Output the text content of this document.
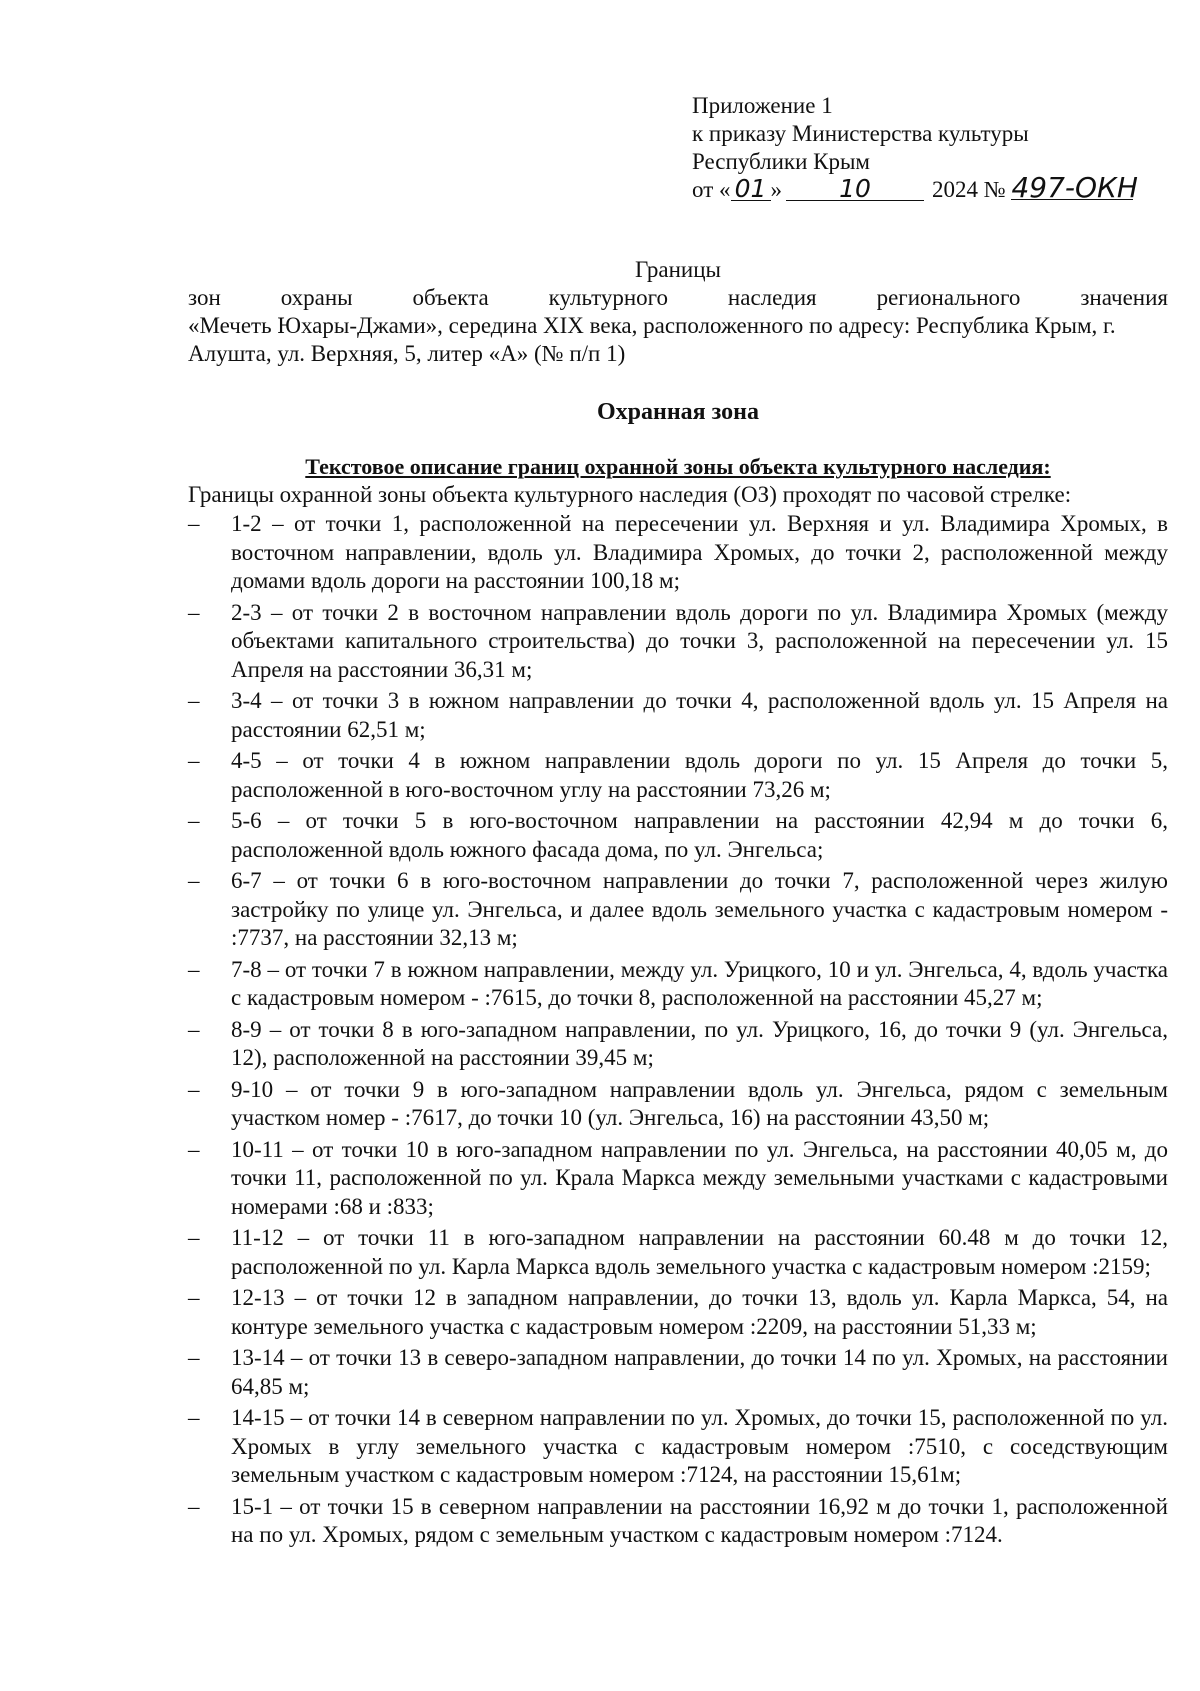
Приложение 1
к приказу Министерства культуры
Республики Крым
от « 01 » 10	2024 № 497-ОКН
Границы
зон охраны объекта культурного наследия регионального значения
«Мечеть Юхары-Джами», середина XIX века, расположенного по адресу: Республика Крым, г. Алушта, ул. Верхняя, 5, литер «А» (№ п/п 1)
Охранная зона
Текстовое описание границ охранной зоны объекта культурного наследия:
Границы охранной зоны объекта культурного наследия (ОЗ) проходят по часовой стрелке:
– 1-2 – от точки 1, расположенной на пересечении ул. Верхняя и ул. Владимира Хромых, в восточном направлении, вдоль ул. Владимира Хромых, до точки 2, расположенной между домами вдоль дороги на расстоянии 100,18 м;
– 2-3 – от точки 2 в восточном направлении вдоль дороги по ул. Владимира Хромых (между объектами капитального строительства) до точки 3, расположенной на пересечении ул. 15 Апреля на расстоянии 36,31 м;
– 3-4 – от точки 3 в южном направлении до точки 4, расположенной вдоль ул. 15 Апреля на расстоянии 62,51 м;
– 4-5 – от точки 4 в южном направлении вдоль дороги по ул. 15 Апреля до точки 5, расположенной в юго-восточном углу на расстоянии 73,26 м;
– 5-6 – от точки 5 в юго-восточном направлении на расстоянии 42,94 м до точки 6, расположенной вдоль южного фасада дома, по ул. Энгельса;
– 6-7 – от точки 6 в юго-восточном направлении до точки 7, расположенной через жилую застройку по улице ул. Энгельса, и далее вдоль земельного участка с кадастровым номером - :7737, на расстоянии 32,13 м;
– 7-8 – от точки 7 в южном направлении, между ул. Урицкого, 10 и ул. Энгельса, 4, вдоль участка с кадастровым номером - :7615, до точки 8, расположенной на расстоянии 45,27 м;
– 8-9 – от точки 8 в юго-западном направлении, по ул. Урицкого, 16, до точки 9 (ул. Энгельса, 12), расположенной на расстоянии 39,45 м;
– 9-10 – от точки 9 в юго-западном направлении вдоль ул. Энгельса, рядом с земельным участком номер - :7617, до точки 10 (ул. Энгельса, 16) на расстоянии 43,50 м;
– 10-11 – от точки 10 в юго-западном направлении по ул. Энгельса, на расстоянии 40,05 м, до точки 11, расположенной по ул. Крала Маркса между земельными участками с кадастровыми номерами :68 и :833;
– 11-12 – от точки 11 в юго-западном направлении на расстоянии 60.48 м до точки 12, расположенной по ул. Карла Маркса вдоль земельного участка с кадастровым номером :2159;
– 12-13 – от точки 12 в западном направлении, до точки 13, вдоль ул. Карла Маркса, 54, на контуре земельного участка с кадастровым номером :2209, на расстоянии 51,33 м;
– 13-14 – от точки 13 в северо-западном направлении, до точки 14 по ул. Хромых, на расстоянии 64,85 м;
– 14-15 – от точки 14 в северном направлении по ул. Хромых, до точки 15, расположенной по ул. Хромых в углу земельного участка с кадастровым номером :7510, с соседствующим земельным участком с кадастровым номером :7124, на расстоянии 15,61м;
– 15-1 – от точки 15 в северном направлении на расстоянии 16,92 м до точки 1, расположенной на по ул. Хромых, рядом с земельным участком с кадастровым номером :7124.
